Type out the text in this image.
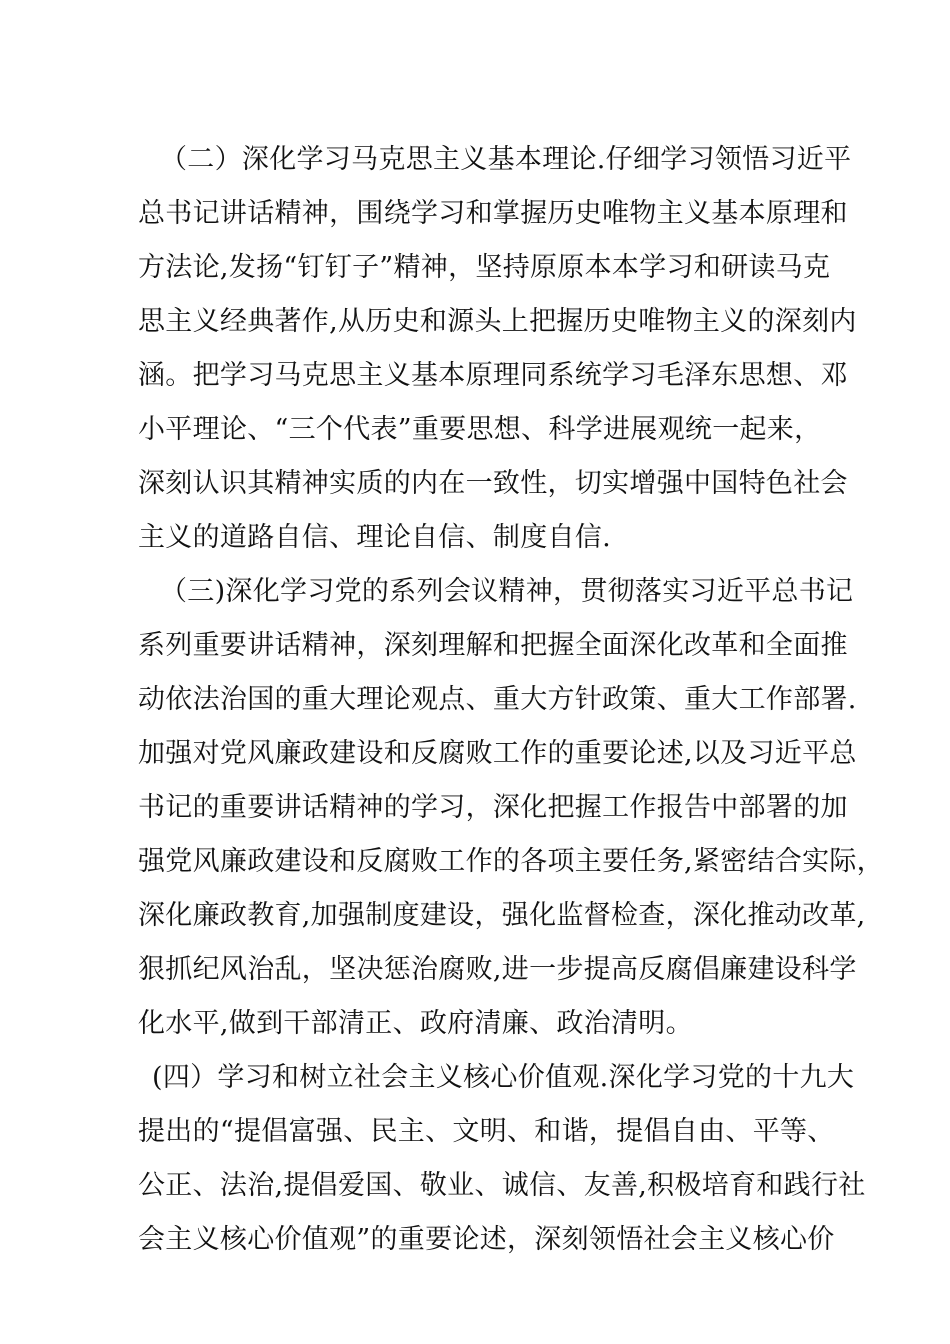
（二）深化学习马克思主义基本理论.仔细学习领悟习近平
总书记讲话精神，围绕学习和掌握历史唯物主义基本原理和
方法论,发扬“钉钉子”精神，坚持原原本本学习和研读马克
思主义经典著作,从历史和源头上把握历史唯物主义的深刻内
涵。把学习马克思主义基本原理同系统学习毛泽东思想、邓
小平理论、“三个代表”重要思想、科学进展观统一起来，
深刻认识其精神实质的内在一致性，切实增强中国特色社会
主义的道路自信、理论自信、制度自信.
（三)深化学习党的系列会议精神，贯彻落实习近平总书记
系列重要讲话精神，深刻理解和把握全面深化改革和全面推
动依法治国的重大理论观点、重大方针政策、重大工作部署.
加强对党风廉政建设和反腐败工作的重要论述,以及习近平总
书记的重要讲话精神的学习，深化把握工作报告中部署的加
强党风廉政建设和反腐败工作的各项主要任务,紧密结合实际，
深化廉政教育,加强制度建设，强化监督检查，深化推动改革,
狠抓纪风治乱，坚决惩治腐败,进一步提高反腐倡廉建设科学
化水平,做到干部清正、政府清廉、政治清明。
(四）学习和树立社会主义核心价值观.深化学习党的十九大
提出的“提倡富强、民主、文明、和谐，提倡自由、平等、
公正、法治,提倡爱国、敬业、诚信、友善,积极培育和践行社
会主义核心价值观”的重要论述，深刻领悟社会主义核心价
